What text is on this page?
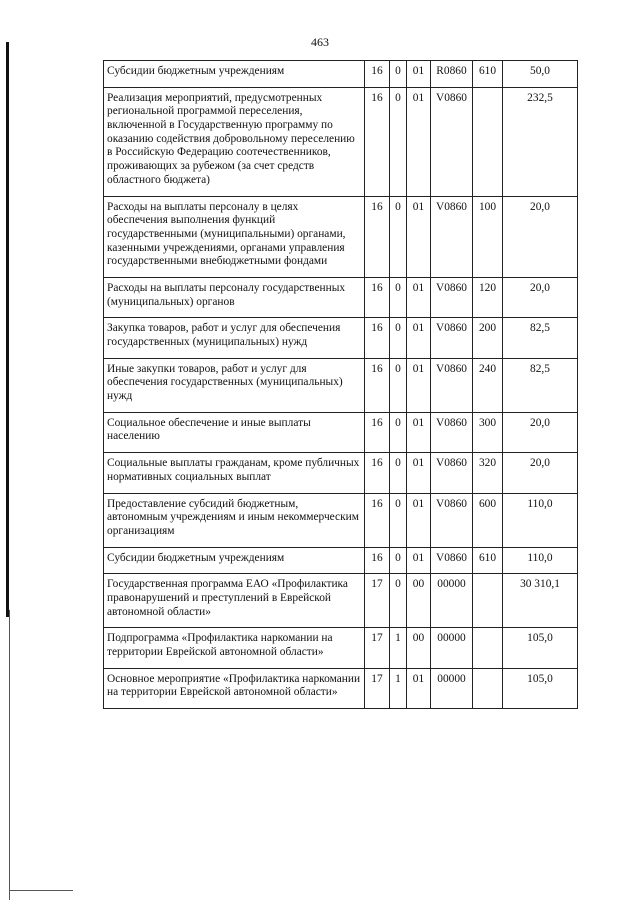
463
Субсидии бюджетным учреждениям	16	0	01	R0860	610	50,0
Реализация мероприятий, предусмотренных региональной программой переселения, включенной в Государственную программу по оказанию содействия добровольному переселению в Российскую Федерацию соотечественников, проживающих за рубежом (за счет средств областного бюджета)	16	0	01	V0860		232,5
Расходы на выплаты персоналу в целях обеспечения выполнения функций государственными (муниципальными) органами, казенными учреждениями, органами управления государственными внебюджетными фондами	16	0	01	V0860	100	20,0
Расходы на выплаты персоналу государственных (муниципальных) органов	16	0	01	V0860	120	20,0
Закупка товаров, работ и услуг для обеспечения государственных (муниципальных) нужд	16	0	01	V0860	200	82,5
Иные закупки товаров, работ и услуг для обеспечения государственных (муниципальных) нужд	16	0	01	V0860	240	82,5
Социальное обеспечение и иные выплаты населению	16	0	01	V0860	300	20,0
Социальные выплаты гражданам, кроме публичных нормативных социальных выплат	16	0	01	V0860	320	20,0
Предоставление субсидий бюджетным, автономным учреждениям и иным некоммерческим организациям	16	0	01	V0860	600	110,0
Субсидии бюджетным учреждениям	16	0	01	V0860	610	110,0
Государственная программа ЕАО «Профилактика правонарушений и преступлений в Еврейской автономной области»	17	0	00	00000		30 310,1
Подпрограмма «Профилактика наркомании на территории Еврейской автономной области»	17	1	00	00000		105,0
Основное мероприятие «Профилактика наркомании на территории Еврейской автономной области»	17	1	01	00000		105,0
